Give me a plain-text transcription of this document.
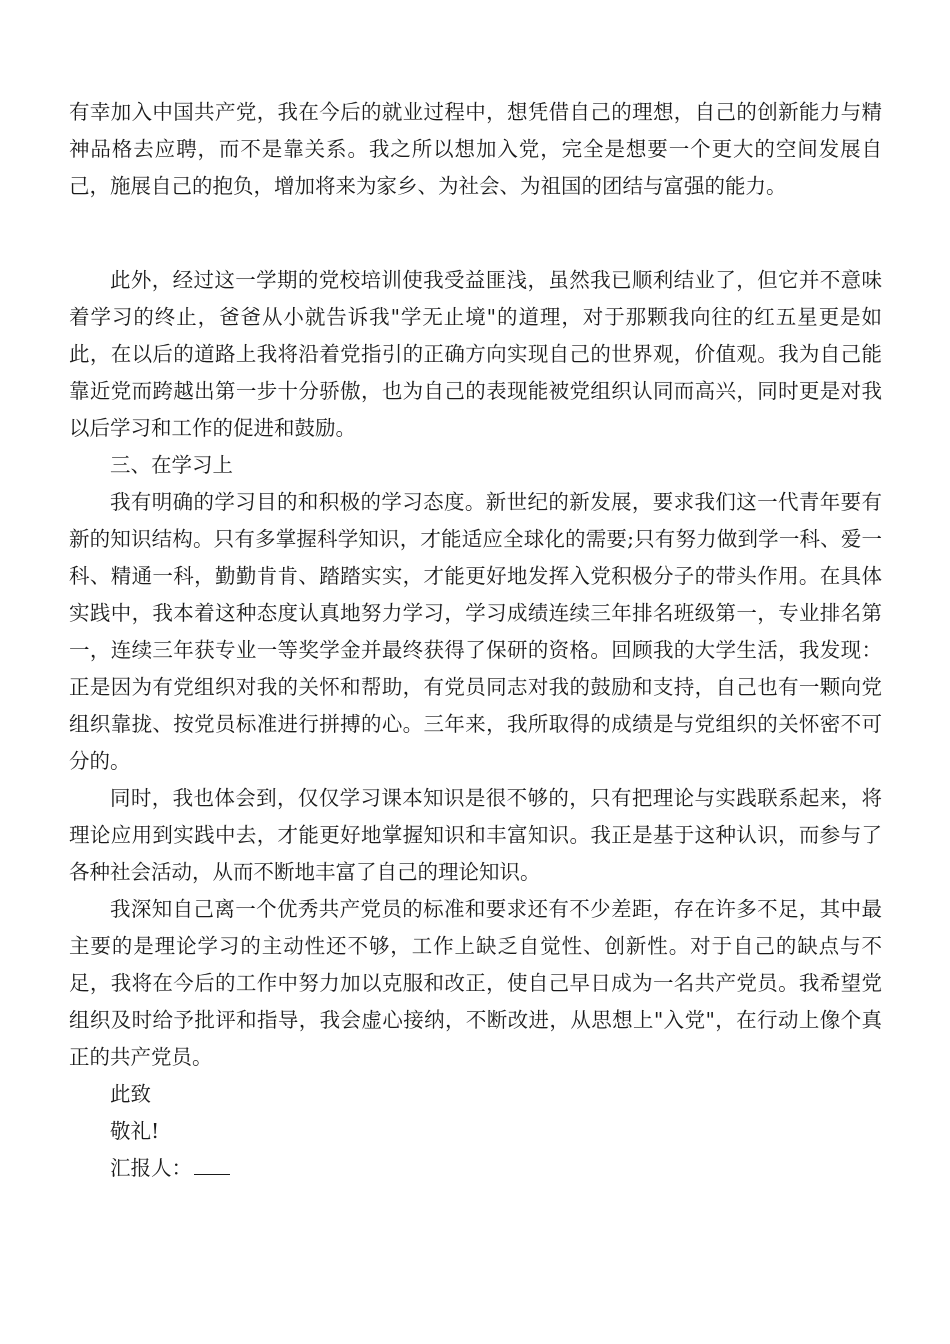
有幸加入中国共产党，我在今后的就业过程中，想凭借自己的理想，自己的创新能力与精神品格去应聘，而不是靠关系。我之所以想加入党，完全是想要一个更大的空间发展自己，施展自己的抱负，增加将来为家乡、为社会、为祖国的团结与富强的能力。

此外，经过这一学期的党校培训使我受益匪浅，虽然我已顺利结业了，但它并不意味着学习的终止，爸爸从小就告诉我"学无止境"的道理，对于那颗我向往的红五星更是如此，在以后的道路上我将沿着党指引的正确方向实现自己的世界观，价值观。我为自己能靠近党而跨越出第一步十分骄傲，也为自己的表现能被党组织认同而高兴，同时更是对我以后学习和工作的促进和鼓励。

三、在学习上

我有明确的学习目的和积极的学习态度。新世纪的新发展，要求我们这一代青年要有新的知识结构。只有多掌握科学知识，才能适应全球化的需要;只有努力做到学一科、爱一科、精通一科，勤勤肯肯、踏踏实实，才能更好地发挥入党积极分子的带头作用。在具体实践中，我本着这种态度认真地努力学习，学习成绩连续三年排名班级第一，专业排名第一，连续三年获专业一等奖学金并最终获得了保研的资格。回顾我的大学生活，我发现：正是因为有党组织对我的关怀和帮助，有党员同志对我的鼓励和支持，自己也有一颗向党组织靠拢、按党员标准进行拼搏的心。三年来，我所取得的成绩是与党组织的关怀密不可分的。

同时，我也体会到，仅仅学习课本知识是很不够的，只有把理论与实践联系起来，将理论应用到实践中去，才能更好地掌握知识和丰富知识。我正是基于这种认识，而参与了各种社会活动，从而不断地丰富了自己的理论知识。

我深知自己离一个优秀共产党员的标准和要求还有不少差距，存在许多不足，其中最主要的是理论学习的主动性还不够，工作上缺乏自觉性、创新性。对于自己的缺点与不足，我将在今后的工作中努力加以克服和改正，使自己早日成为一名共产党员。我希望党组织及时给予批评和指导，我会虚心接纳，不断改进，从思想上"入党"，在行动上像个真正的共产党员。

此致

敬礼!

汇报人：
